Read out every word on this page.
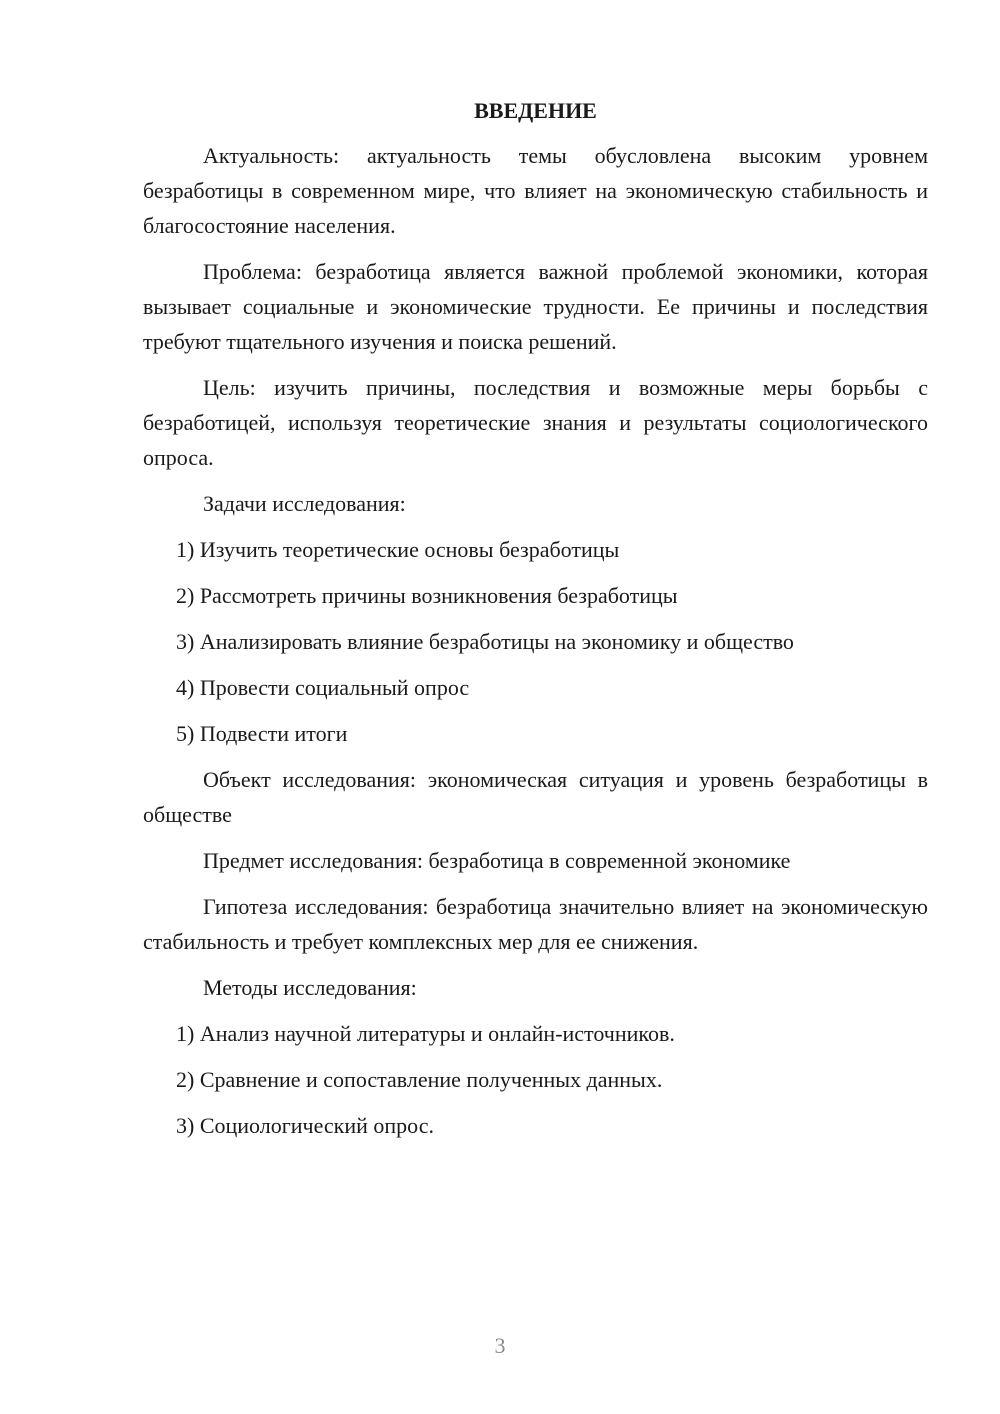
ВВЕДЕНИЕ

Актуальность: актуальность темы обусловлена высоким уровнем безработицы в современном мире, что влияет на экономическую стабильность и благосостояние населения.

Проблема: безработица является важной проблемой экономики, которая вызывает социальные и экономические трудности. Ее причины и последствия требуют тщательного изучения и поиска решений.

Цель: изучить причины, последствия и возможные меры борьбы с безработицей, используя теоретические знания и результаты социологического опроса.

Задачи исследования:

1) Изучить теоретические основы безработицы
2) Рассмотреть причины возникновения безработицы
3) Анализировать влияние безработицы на экономику и общество
4) Провести социальный опрос
5) Подвести итоги

Объект исследования: экономическая ситуация и уровень безработицы в обществе

Предмет исследования: безработица в современной экономике

Гипотеза исследования: безработица значительно влияет на экономическую стабильность и требует комплексных мер для ее снижения.

Методы исследования:

1) Анализ научной литературы и онлайн-источников.
2) Сравнение и сопоставление полученных данных.
3) Социологический опрос.
3
